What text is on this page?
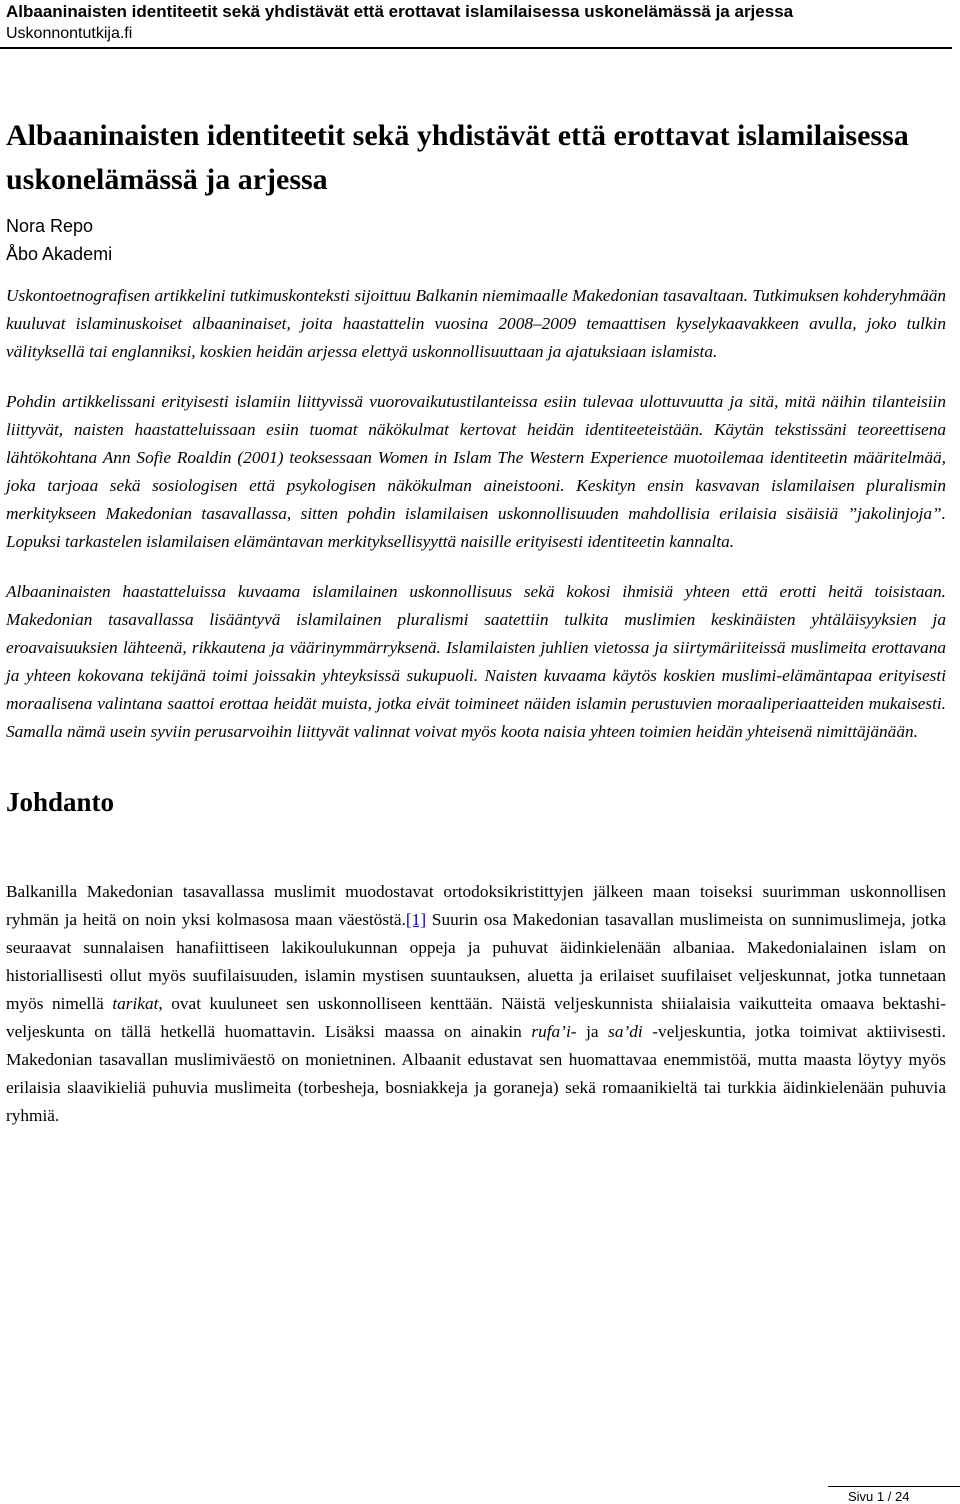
Albaaninaisten identiteetit sekä yhdistävät että erottavat islamilaisessa uskonelämässä ja arjessa
Uskonnontutkija.fi
Albaaninaisten identiteetit sekä yhdistävät että erottavat islamilaisessa uskonelämässä ja arjessa
Nora Repo
Åbo Akademi

Uskontoetnografisen artikkelini tutkimuskonteksti sijoittuu Balkanin niemimaalle Makedonian tasavaltaan. Tutkimuksen kohderyhmään kuuluvat islaminuskoiset albaaninaiset, joita haastattelin vuosina 2008–2009 temaattisen kyselykaavakkeen avulla, joko tulkin välityksellä tai englanniksi, koskien heidän arjessa elettyä uskonnollisuuttaan ja ajatuksiaan islamista.

Pohdin artikkelissani erityisesti islamiin liittyvissä vuorovaikutustilanteissa esiin tulevaa ulottuvuutta ja sitä, mitä näihin tilanteisiin liittyvät, naisten haastatteluissaan esiin tuomat näkökulmat kertovat heidän identiteeteistään. Käytän tekstissäni teoreettisena lähtökohtana Ann Sofie Roaldin (2001) teoksessaan Women in Islam The Western Experience muotoilemaa identiteetin määritelmää, joka tarjoaa sekä sosiologisen että psykologisen näkökulman aineistooni. Keskityn ensin kasvavan islamilaisen pluralismin merkitykseen Makedonian tasavallassa, sitten pohdin islamilaisen uskonnollisuuden mahdollisia erilaisia sisäisiä ”jakolinjoja”. Lopuksi tarkastelen islamilaisen elämäntavan merkityksellisyyttä naisille erityisesti identiteetin kannalta.

Albaaninaisten haastatteluissa kuvaama islamilainen uskonnollisuus sekä kokosi ihmisiä yhteen että erotti heitä toisistaan. Makedonian tasavallassa lisääntyvä islamilainen pluralismi saatettiin tulkita muslimien keskinäisten yhtäläisyyksien ja eroavaisuuksien lähteenä, rikkautena ja väärinymmärryksenä. Islamilaisten juhlien vietossa ja siirtymäriiteissä muslimeita erottavana ja yhteen kokovana tekijänä toimi joissakin yhteyksissä sukupuoli. Naisten kuvaama käytös koskien muslimi-elämäntapaa erityisesti moraalisena valintana saattoi erottaa heidät muista, jotka eivät toimineet näiden islamin perustuvien moraaliperiaatteiden mukaisesti. Samalla nämä usein syviin perusarvoihin liittyvät valinnat voivat myös koota naisia yhteen toimien heidän yhteisenä nimittäjänään.

Johdanto

Balkanilla Makedonian tasavallassa muslimit muodostavat ortodoksikristittyjen jälkeen maan toiseksi suurimman uskonnollisen ryhmän ja heitä on noin yksi kolmasosa maan väestöstä.[1] Suurin osa Makedonian tasavallan muslimeista on sunnimuslimeja, jotka seuraavat sunnalaisen hanafiittiseen lakikoulukunnan oppeja ja puhuvat äidinkielenään albaniaa. Makedonialainen islam on historiallisesti ollut myös suufilaisuuden, islamin mystisen suuntauksen, aluetta ja erilaiset suufilaiset veljeskunnat, jotka tunnetaan myös nimellä tarikat, ovat kuuluneet sen uskonnolliseen kenttään. Näistä veljeskunnista shiialaisia vaikutteita omaava bektashi-veljeskunta on tällä hetkellä huomattavin. Lisäksi maassa on ainakin rufa’i- ja sa’di -veljeskuntia, jotka toimivat aktiivisesti. Makedonian tasavallan muslimiväestö on monietninen. Albaanit edustavat sen huomattavaa enemmistöä, mutta maasta löytyy myös erilaisia slaavikieliä puhuvia muslimeita (torbesheja, bosniakkeja ja goraneja) sekä romaanikieltä tai turkkia äidinkielenään puhuvia ryhmiä.

Sivu 1 / 24
